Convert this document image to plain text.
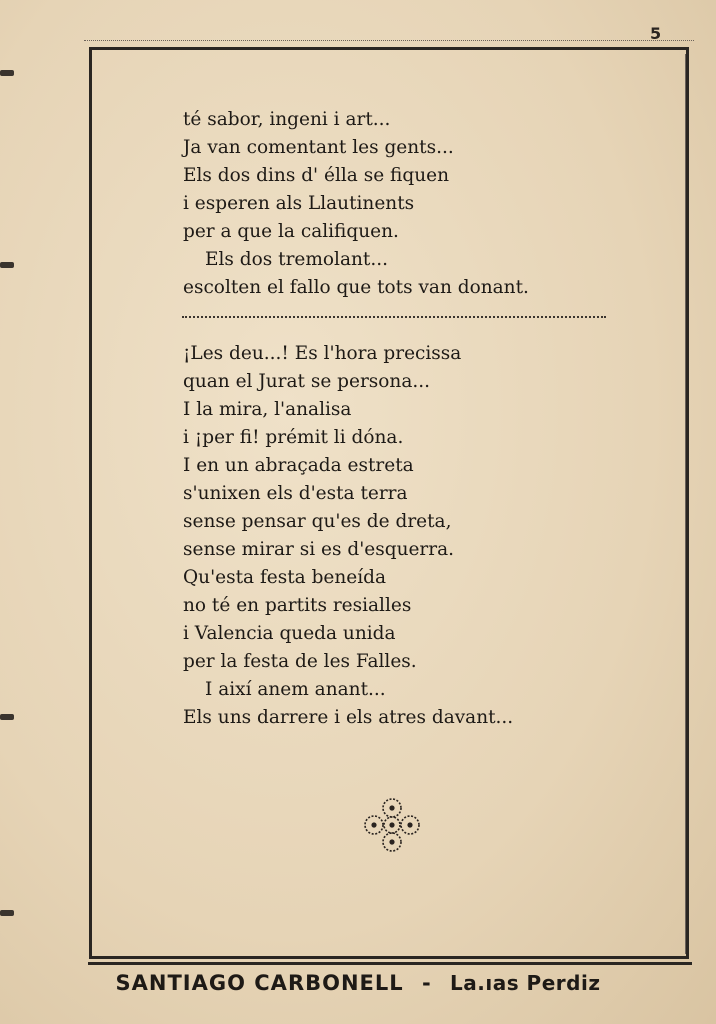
5
té sabor, ingeni i art...
Ja van comentant les gents...
Els dos dins d' élla se fiquen
i esperen als Llautinents
per a que la califiquen.
Els dos tremolant...
escolten el fallo que tots van donant.
¡Les deu...! Es l'hora precissa
quan el Jurat se persona...
I la mira, l'analisa
i ¡per fi! prémit li dóna.
I en un abraçada estreta
s'unixen els d'esta terra
sense pensar qu'es de dreta,
sense mirar si es d'esquerra.
Qu'esta festa beneída
no té en partits resialles
i Valencia queda unida
per la festa de les Falles.
I així anem anant...
Els uns darrere i els atres davant...
SANTIAGO CARBONELL - La.ıas Perdiz
